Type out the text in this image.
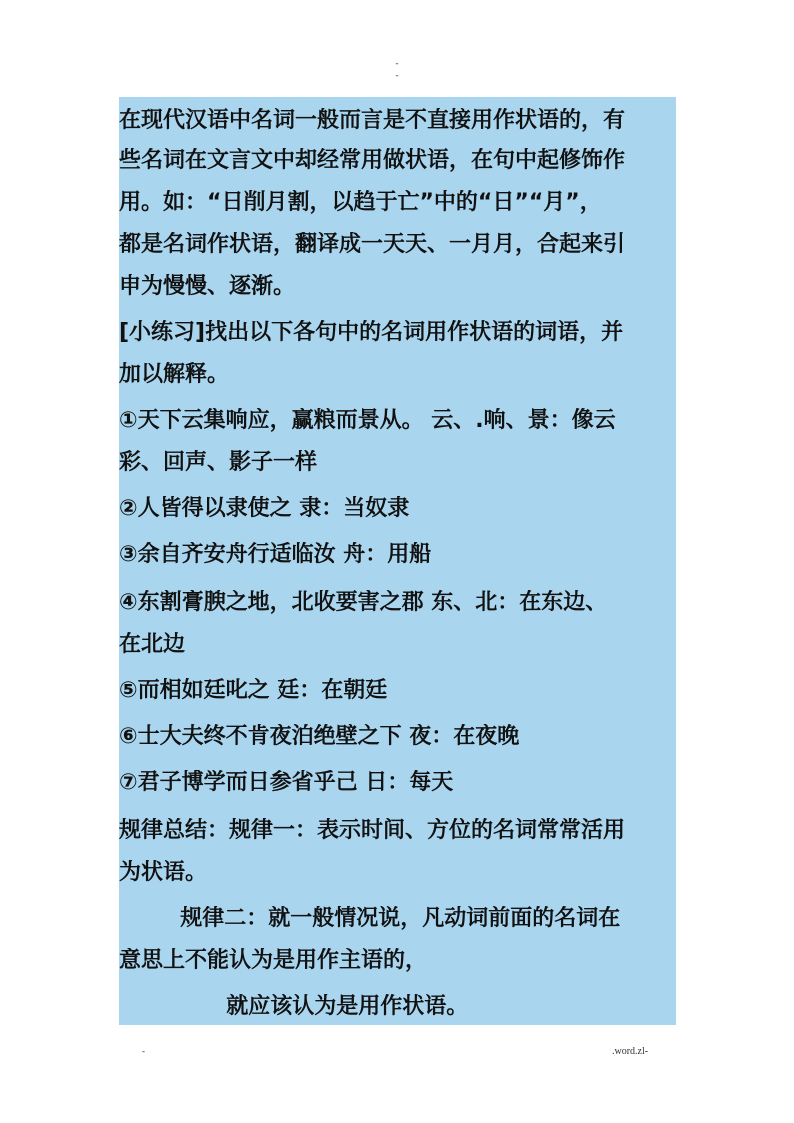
-
-
在现代汉语中名词一般而言是不直接用作状语的，有
些名词在文言文中却经常用做状语，在句中起修饰作
用。如：“日削月割，以趋于亡”中的“日”“月”，
都是名词作状语，翻译成一天天、一月月，合起来引
申为慢慢、逐渐。
[小练习]找出以下各句中的名词用作状语的词语，并
加以解释。
①天下云集响应，赢粮而景从。 云、.响、景：像云
彩、回声、影子一样
②人皆得以隶使之 隶：当奴隶
③余自齐安舟行适临汝 舟：用船
④东割膏腴之地，北收要害之郡 东、北：在东边、
在北边
⑤而相如廷叱之 廷：在朝廷
⑥士大夫终不肯夜泊绝壁之下 夜：在夜晚
⑦君子博学而日参省乎己 日：每天
规律总结：规律一：表示时间、方位的名词常常活用
为状语。
规律二：就一般情况说，凡动词前面的名词在
意思上不能认为是用作主语的，
就应该认为是用作状语。
-	.word.zl-
